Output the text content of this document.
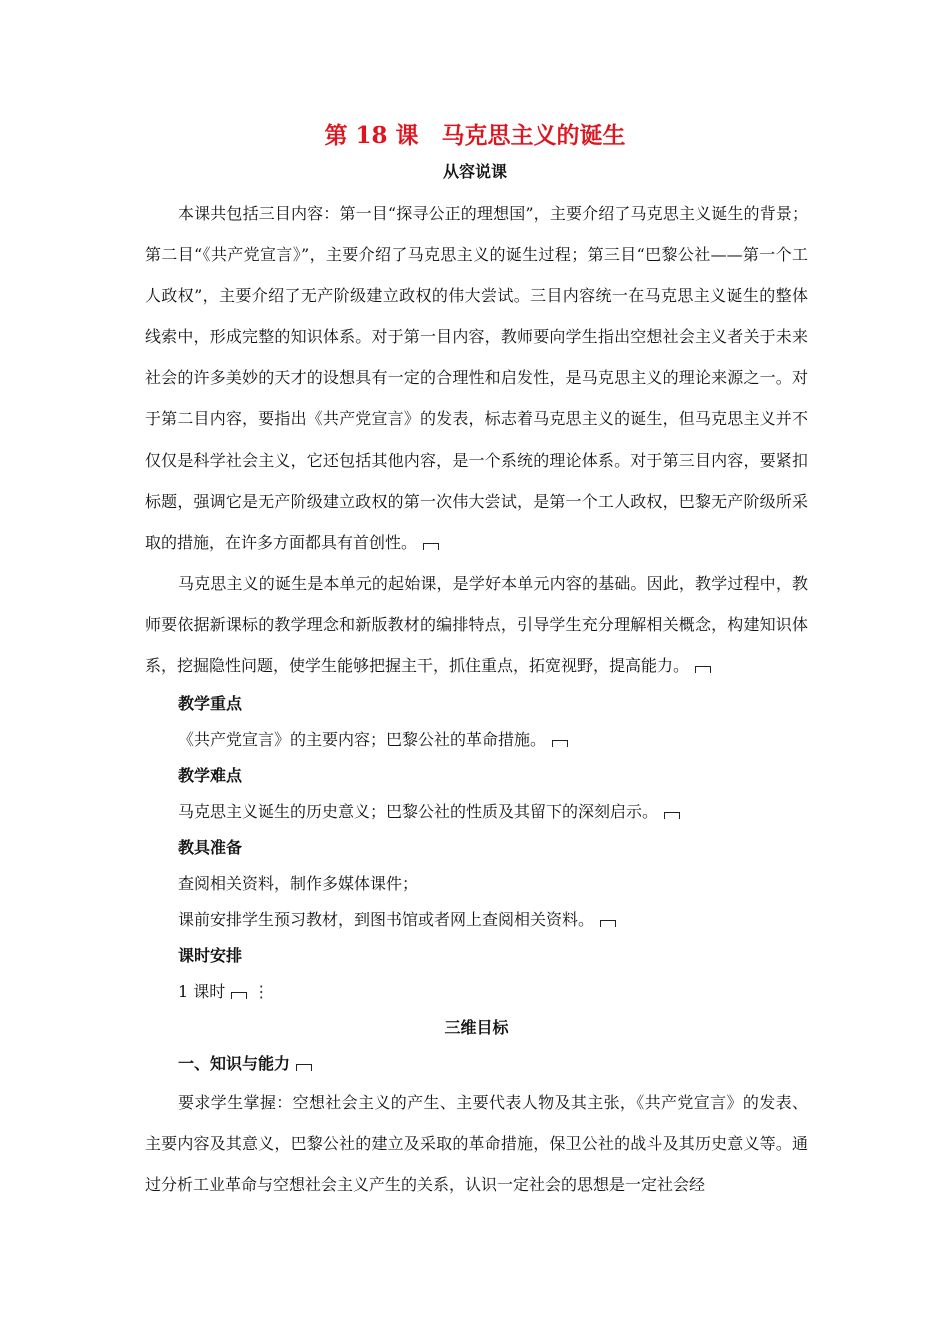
第 18 课　马克思主义的诞生
从容说课

本课共包括三目内容：第一目“探寻公正的理想国”，主要介绍了马克思主义诞生的背景；第二目“《共产党宣言》”，主要介绍了马克思主义的诞生过程；第三目“巴黎公社——第一个工人政权”，主要介绍了无产阶级建立政权的伟大尝试。三目内容统一在马克思主义诞生的整体线索中，形成完整的知识体系。对于第一目内容，教师要向学生指出空想社会主义者关于未来社会的许多美妙的天才的设想具有一定的合理性和启发性，是马克思主义的理论来源之一。对于第二目内容，要指出《共产党宣言》的发表，标志着马克思主义的诞生，但马克思主义并不仅仅是科学社会主义，它还包括其他内容，是一个系统的理论体系。对于第三目内容，要紧扣标题，强调它是无产阶级建立政权的第一次伟大尝试，是第一个工人政权，巴黎无产阶级所采取的措施，在许多方面都具有首创性。

马克思主义的诞生是本单元的起始课，是学好本单元内容的基础。因此，教学过程中，教师要依据新课标的教学理念和新版教材的编排特点，引导学生充分理解相关概念，构建知识体系，挖掘隐性问题，使学生能够把握主干，抓住重点，拓宽视野，提高能力。

教学重点
《共产党宣言》的主要内容；巴黎公社的革命措施。
教学难点
马克思主义诞生的历史意义；巴黎公社的性质及其留下的深刻启示。
教具准备
查阅相关资料，制作多媒体课件；
课前安排学生预习教材，到图书馆或者网上查阅相关资料。
课时安排
1 课时 ⋮
三维目标
一、知识与能力

要求学生掌握：空想社会主义的产生、主要代表人物及其主张，《共产党宣言》的发表、主要内容及其意义，巴黎公社的建立及采取的革命措施，保卫公社的战斗及其历史意义等。通过分析工业革命与空想社会主义产生的关系，认识一定社会的思想是一定社会经
